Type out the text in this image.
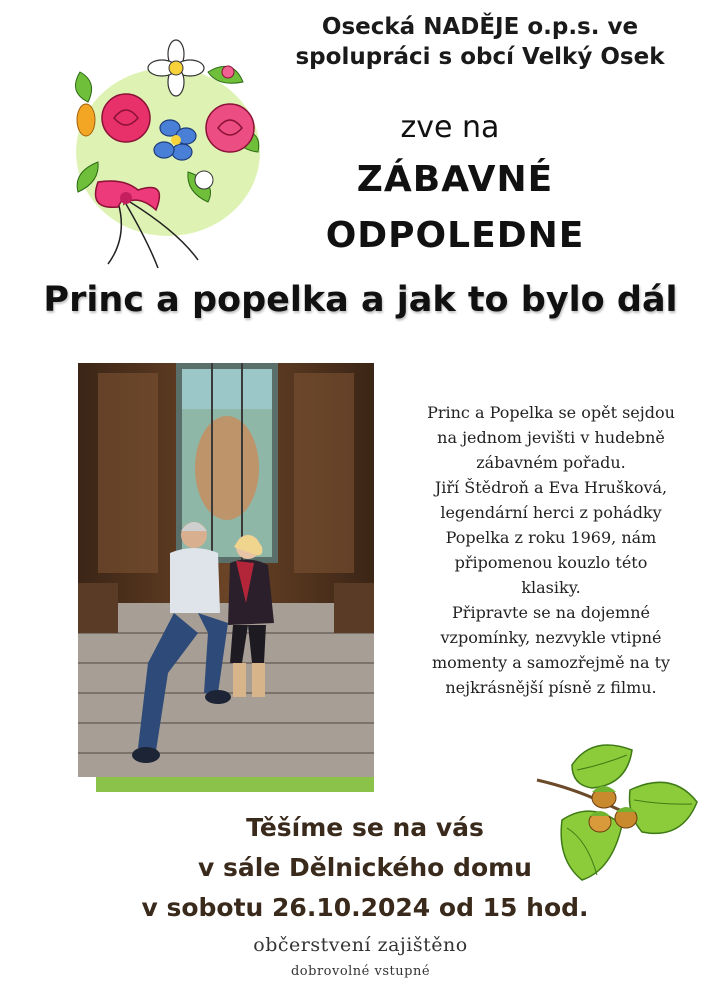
Osecká NADĚJE o.p.s. ve
spolupráci s obcí Velký Osek
zve na
ZÁBAVNÉ
ODPOLEDNE
Princ a popelka a jak to bylo dál

Princ a Popelka se opět sejdou

na jednom jevišti v hudebně

zábavném pořadu.

Jiří Štědroň a Eva Hrušková,

legendární herci z pohádky

Popelka z roku 1969, nám

připomenou kouzlo této

klasiky.

Připravte se na dojemné

vzpomínky, nezvykle vtipné

momenty a samozřejmě na ty

nejkrásnější písně z filmu.

Těšíme se na vás
v sále Dělnického domu
v sobotu 26.10.2024 od 15 hod.
občerstvení zajištěno
dobrovolné vstupné
